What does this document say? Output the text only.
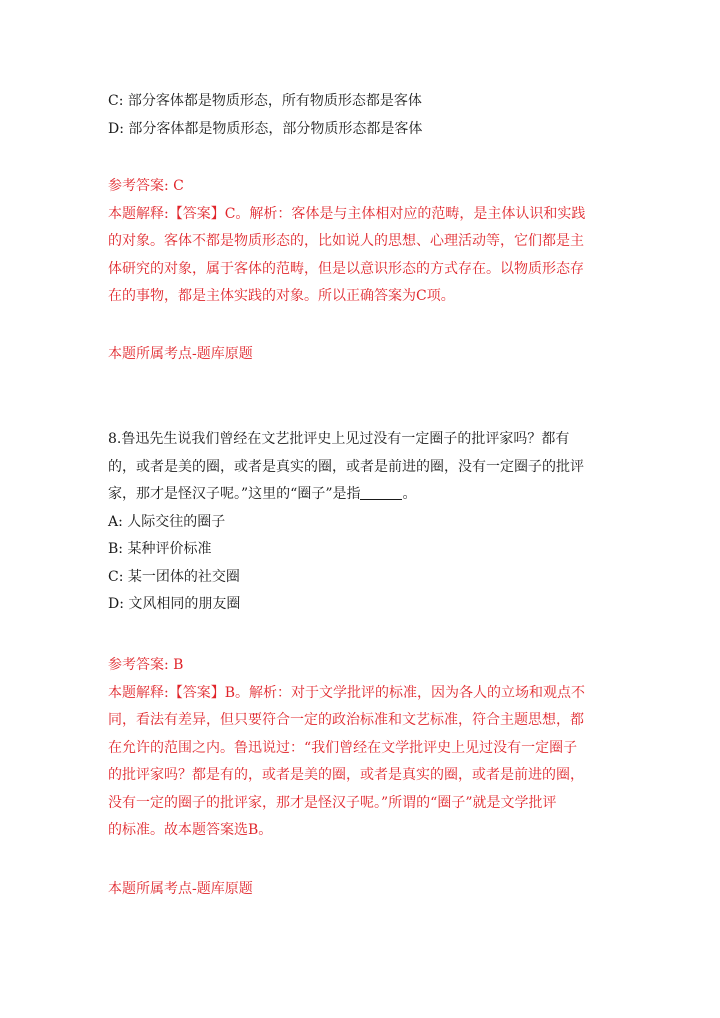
C: 部分客体都是物质形态，所有物质形态都是客体

D: 部分客体都是物质形态，部分物质形态都是客体

参考答案: C

本题解释:【答案】C。解析：客体是与主体相对应的范畴，是主体认识和实践

的对象。客体不都是物质形态的，比如说人的思想、心理活动等，它们都是主

体研究的对象，属于客体的范畴，但是以意识形态的方式存在。以物质形态存

在的事物，都是主体实践的对象。所以正确答案为C项。

本题所属考点-题库原题

8.鲁迅先生说我们曾经在文艺批评史上见过没有一定圈子的批评家吗？都有

的，或者是美的圈，或者是真实的圈，或者是前进的圈，没有一定圈子的批评

家，那才是怪汉子呢。”这里的“圈子”是指	。

A: 人际交往的圈子

B: 某种评价标准

C: 某一团体的社交圈

D: 文风相同的朋友圈

参考答案: B

本题解释:【答案】B。解析：对于文学批评的标准，因为各人的立场和观点不

同，看法有差异，但只要符合一定的政治标准和文艺标准，符合主题思想，都

在允许的范围之内。鲁迅说过：“我们曾经在文学批评史上见过没有一定圈子

的批评家吗？都是有的，或者是美的圈，或者是真实的圈，或者是前进的圈，

没有一定的圈子的批评家，那才是怪汉子呢。”所谓的“圈子”就是文学批评

的标准。故本题答案选B。

本题所属考点-题库原题
